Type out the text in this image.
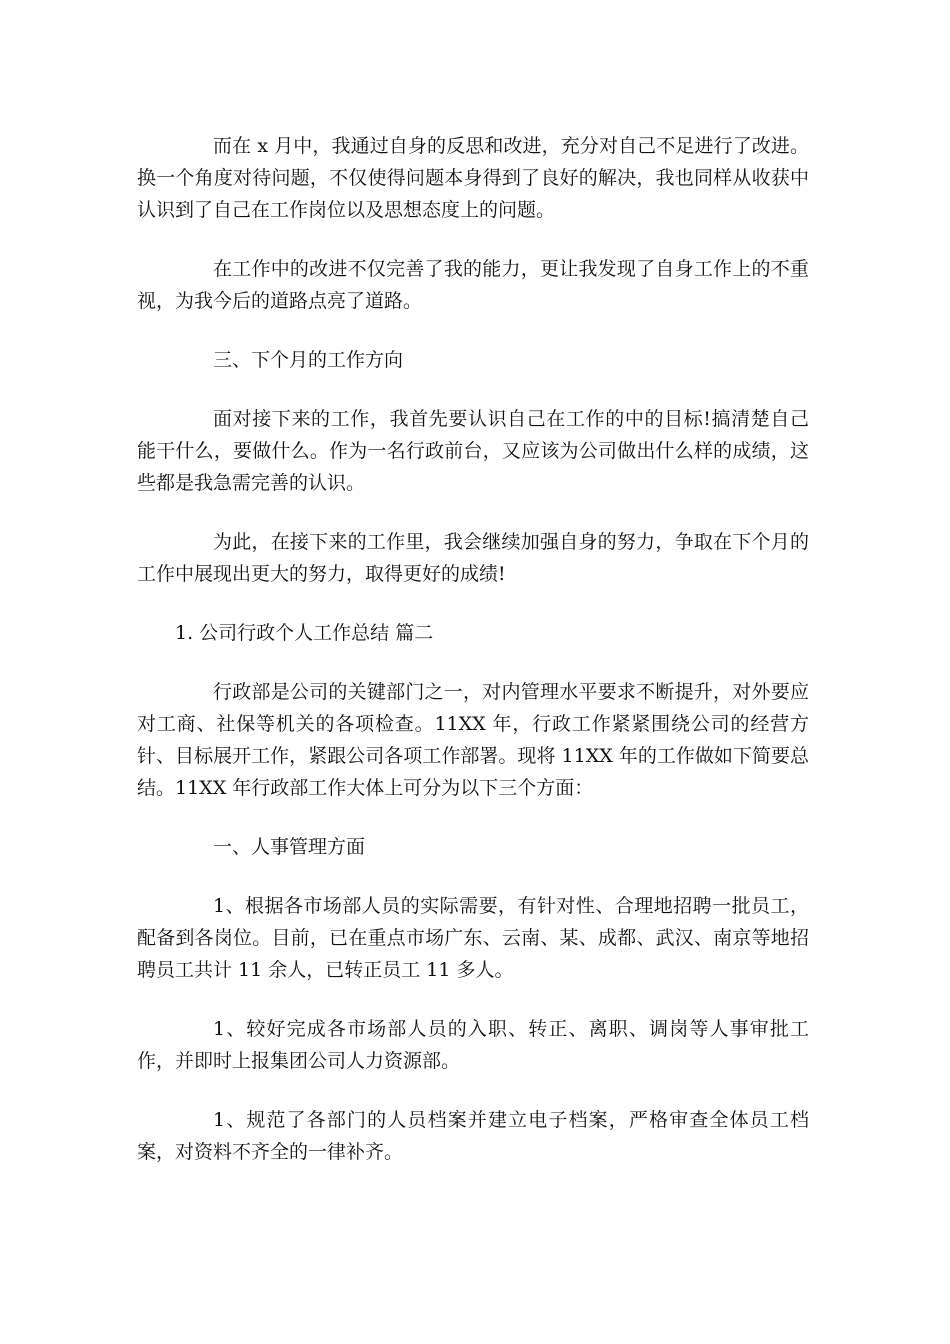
而在 x 月中，我通过自身的反思和改进，充分对自己不足进行了改进。换一个角度对待问题，不仅使得问题本身得到了良好的解决，我也同样从收获中认识到了自己在工作岗位以及思想态度上的问题。

在工作中的改进不仅完善了我的能力，更让我发现了自身工作上的不重视，为我今后的道路点亮了道路。

三、下个月的工作方向

面对接下来的工作，我首先要认识自己在工作的中的目标!搞清楚自己能干什么，要做什么。作为一名行政前台，又应该为公司做出什么样的成绩，这些都是我急需完善的认识。

为此，在接下来的工作里，我会继续加强自身的努力，争取在下个月的工作中展现出更大的努力，取得更好的成绩!

1. 公司行政个人工作总结 篇二

行政部是公司的关键部门之一，对内管理水平要求不断提升，对外要应对工商、社保等机关的各项检查。11XX 年，行政工作紧紧围绕公司的经营方针、目标展开工作，紧跟公司各项工作部署。现将 11XX 年的工作做如下简要总结。11XX 年行政部工作大体上可分为以下三个方面：

一、人事管理方面

1、根据各市场部人员的实际需要，有针对性、合理地招聘一批员工，配备到各岗位。目前，已在重点市场广东、云南、某、成都、武汉、南京等地招聘员工共计 11 余人，已转正员工 11 多人。

1、较好完成各市场部人员的入职、转正、离职、调岗等人事审批工作，并即时上报集团公司人力资源部。

1、规范了各部门的人员档案并建立电子档案，严格审查全体员工档案，对资料不齐全的一律补齐。
